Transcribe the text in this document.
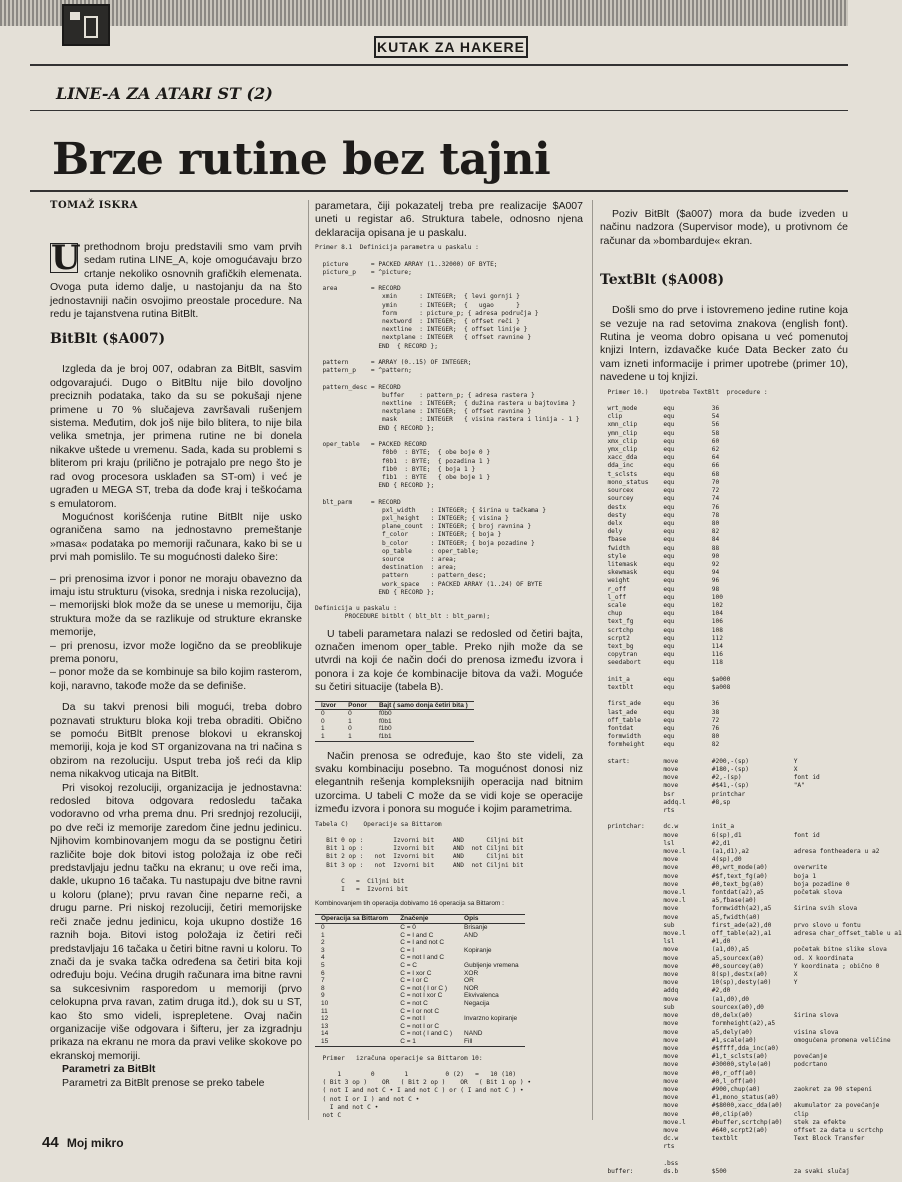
KUTAK ZA HAKERE
LINE-A ZA ATARI ST (2)
Brze rutine bez tajni

TOMAŽ ISKRA

U prethodnom broju predstavili smo vam prvih sedam rutina LINE_A, koje omogućavaju brzo crtanje nekoliko osnovnih grafičkih elemenata. Ovoga puta idemo dalje, u nastojanju da na što jednostavniji način osvojimo preostale procedure. Na redu je tajanstvena rutina BitBlt.

BitBlt ($A007)

Izgleda da je broj 007, odabran za BitBlt, sasvim odgovarajući. Dugo o BitBltu nije bilo dovoljno preciznih podataka, tako da su se pokušaji njene primene u 70 % slučajeva završavali rušenjem sistema. Međutim, dok još nije bilo blitera, to nije bila velika smetnja, jer primena rutine ne bi donela nikakve uštede u vremenu. Sada, kada su problemi s bliterom pri kraju (prilično je potrajalo pre nego što je rad ovog procesora usklađen sa ST-om) i već je ugrađen u MEGA ST, treba da dođe kraj i teškoćama s emulatorom.

Mogućnost korišćenja rutine BitBlt nije usko ograničena samo na jednostavno premeštanje »masa« podataka po memoriji računara, kako bi se u prvi mah pomislilo. Te su mogućnosti daleko šire:

– pri prenosima izvor i ponor ne moraju obavezno da imaju istu strukturu (visoka, srednja i niska rezolucija),

– memorijski blok može da se unese u memoriju, čija struktura može da se razlikuje od strukture ekranske memorije,

– pri prenosu, izvor može logično da se preoblikuje prema ponoru,

– ponor može da se kombinuje sa bilo kojim rasterom, koji, naravno, takođe može da se definiše.

Da su takvi prenosi bili mogući, treba dobro poznavati strukturu bloka koji treba obraditi. Obično se pomoću BitBlt prenose blokovi u ekranskoj memoriji, koja je kod ST organizovana na tri načina s obzirom na rezoluciju. Usput treba još reći da klip nema nikakvog uticaja na BitBlt.

Pri visokoj rezoluciji, organizacija je jednostavna: redosled bitova odgovara redosledu tačaka vodoravno od vrha prema dnu. Pri srednjoj rezoluciji, po dve reči iz memorije zaredom čine jednu jedinicu. Njihovim kombinovanjem mogu da se postignu četiri različite boje dok bitovi istog položaja iz obe reči predstavljaju jednu tačku na ekranu; u ove reči ima, dakle, ukupno 16 tačaka. Tu nastupaju dve bitne ravni u koloru (plane); prvu ravan čine neparne reči, a drugu parne. Pri niskoj rezoluciji, četiri memorijske reči znače jednu jedinicu, koja ukupno dostiže 16 raznih boja. Bitovi istog položaja iz četiri reči predstavljaju 16 tačaka u četiri bitne ravni u koloru. To znači da je svaka tačka određena sa četiri bita koji određuju boju. Većina drugih računara ima bitne ravni sa sukcesivnim rasporedom u memoriji (prvo celokupna prva ravan, zatim druga itd.), dok su u ST, kao što smo videli, isprepletene. Ovaj način organizacije više odgovara i šifteru, jer za izgradnju prikaza na ekranu ne mora da pravi velike skokove po ekranskoj memoriji.

Parametri za BitBlt

Parametri za BitBlt prenose se preko tabele

parametara, čiji pokazatelj treba pre realizacije $A007 uneti u registar a6. Struktura tabele, odnosno njena deklaracija opisana je u paskalu.

Primer 8.1  Definicija parametra u paskalu :

picture      = PACKED ARRAY (1..32000) OF BYTE;
picture_p    = ^picture;

area         = RECORD
xmin      : INTEGER;  { levi gornji }
ymin      : INTEGER;  {   ugao      }
form      : picture_p; { adresa područja }
nextword  : INTEGER;  { offset reči }
nextline  : INTEGER;  { offset linije }
nextplane : INTEGER   { offset ravnine }
END  { RECORD };

pattern      = ARRAY (0..15) OF INTEGER;
pattern_p    = ^pattern;

pattern_desc = RECORD
buffer    : pattern_p; { adresa rastera }
nextline  : INTEGER;  { dužina rastera u bajtovima }
nextplane : INTEGER;  { offset ravnine }
mask      : INTEGER   { visina rastera i linija - 1 }
END { RECORD };

oper_table   = PACKED RECORD
f0b0  : BYTE;  { obe boje 0 }
f0b1  : BYTE;  { pozadina 1 }
f1b0  : BYTE;  { boja 1 }
f1b1  : BYTE   { obe boje 1 }
END { RECORD };

blt_parm     = RECORD
pxl_width    : INTEGER; { širina u tačkama }
pxl_height   : INTEGER; { visina }
plane_count  : INTEGER; { broj ravnina }
f_color      : INTEGER; { boja }
b_color      : INTEGER; { boja pozadine }
op_table     : oper_table;
source       : area;
destination  : area;
pattern      : pattern_desc;
work_space   : PACKED ARRAY (1..24) OF BYTE
END { RECORD };

Definicija u paskalu :
PROCEDURE bitblt ( blt_blt : blt_parm);

U tabeli parametara nalazi se redosled od četiri bajta, označen imenom oper_table. Preko njih može da se utvrdi na koji će način doći do prenosa između izvora i ponora i za koje će kombinacije bitova da važi. Moguće su četiri situacije (tabela B).

Izvor	Ponor	Bajt ( samo donja četiri bita )
0	0	f0b0
0	1	f0b1
1	0	f1b0
1	1	f1b1

Način prenosa se određuje, kao što ste videli, za svaku kombinaciju posebno. Ta mogućnost donosi niz elegantnih rešenja kompleksnijih operacija nad bitnim uzorcima. U tabeli C može da se vidi koje se operacije između izvora i ponora su moguće i kojim parametrima.

Tabela C)    Operacije sa Bittarom

Bit 0 op :        Izvorni bit     AND      Ciljni bit
Bit 1 op :        Izvorni bit     AND  not Ciljni bit
Bit 2 op :   not  Izvorni bit     AND      Ciljni bit
Bit 3 op :   not  Izvorni bit     AND  not Ciljni bit

C   =  Ciljni bit
I   =  Izvorni bit

Kombinovanjem tih operacija dobivamo 16 operacija sa Bittarom :

Operacija sa Bittarom	Značenje	Opis
0	C = 0	Brisanje
1	C = I and C	AND
2	C = I and not C	
3	C = I	Kopiranje
4	C = not I and C	
5	C = C	Gubljenje vremena
6	C = I xor C	XOR
7	C = I or C	OR
8	C = not ( I or C )	NOR
9	C = not I xor C	Ekvivalenca
10	C = not C	Negacija
11	C = I or not C	
12	C = not I	Invarzno kopiranje
13	C = not I or C	
14	C = not ( I and C )	NAND
15	C = 1	Fill

Primer   izračuna operacije sa Bittarom 10:

1        0        1          0 (2)   =   10 (10)
( Bit 3 op )    OR   ( Bit 2 op )    OR   ( Bit 1 op ) •
( not I and not C • I and not C ) or ( I and not C ) •
( not I or I ) and not C •
I and not C •
not C

Poziv BitBlt ($a007) mora da bude izveden u načinu nadzora (Supervisor mode), u protivnom će računar da »bombarduje« ekran.

TextBlt ($A008)

Došli smo do prve i istovremeno jedine rutine koja se vezuje na rad setovima znakova (english font). Rutina je veoma dobro opisana u već pomenutoj knjizi Intern, izdavačke kuće Data Becker zato ću vam izneti informacije i primer upotrebe (primer 10), navedene u toj knjizi.

Primer 10.)   Upotreba TextBlt  procedure :

wrt_mode       equ          36
clip           equ          54
xmn_clip       equ          56
ymn_clip       equ          58
xmx_clip       equ          60
ymx_clip       equ          62
xacc_dda       equ          64
dda_inc        equ          66
t_sclsts       equ          68
mono_status    equ          70
sourcex        equ          72
sourcey        equ          74
destx          equ          76
desty          equ          78
delx           equ          80
dely           equ          82
fbase          equ          84
fwidth         equ          88
style          equ          90
litemask       equ          92
skewmask       equ          94
weight         equ          96
r_off          equ          98
l_off          equ          100
scale          equ          102
chup           equ          104
text_fg        equ          106
scrtchp        equ          108
scrpt2         equ          112
text_bg        equ          114
copytran       equ          116
seedabort      equ          118

init_a         equ          $a000
textblt        equ          $a008

first_ade      equ          36
last_ade       equ          38
off_table      equ          72
fontdat        equ          76
formwidth      equ          80
formheight     equ          82

start:         move         #200,-(sp)            Y
move         #180,-(sp)            X
move         #2,-(sp)              font id
move         #$41,-(sp)            "A"
bsr          printchar
addq.l       #8,sp
rts

printchar:     dc.w         init_a
move         6(sp),d1              font id
lsl          #2,d1
move.l       (a1,d1),a2            adresa fontheadera u a2
move         4(sp),d0
move         #0,wrt_mode(a0)       overwrite
move         #$f,text_fg(a0)       boja 1
move         #0,text_bg(a0)        boja pozadine 0
move.l       fontdat(a2),a5        početak slova
move.l       a5,fbase(a0)
move         formwidth(a2),a5      širina svih slova
move         a5,fwidth(a0)
sub          first_ade(a2),d0      prvo slovo u fontu
move.l       off_table(a2),a1      adresa char_offset_table u a1
lsl          #1,d0
move         (a1,d0),a5            početak bitne slike slova
move         a5,sourcex(a0)        od. X koordinata
move         #0,sourcey(a0)        Y koordinata ; obično 0
move         8(sp),destx(a0)       X
move         10(sp),desty(a0)      Y
addq         #2,d0
move         (a1,d0),d0
sub          sourcex(a0),d0
move         d0,delx(a0)           širina slova
move         formheight(a2),a5
move         a5,dely(a0)           visina slova
move         #1,scale(a0)          omogućena promena veličine
move         #$ffff,dda_inc(a0)
move         #1,t_sclsts(a0)       povećanje
move         #30000,style(a0)      podcrtano
move         #0,r_off(a0)
move         #0,l_off(a0)
move         #900,chup(a0)         zaokret za 90 stepeni
move         #1,mono_status(a0)
move         #$8000,xacc_dda(a0)   akumulator za povećanje
move         #0,clip(a0)           clip
move.l       #buffer,scrtchp(a0)   stek za efekte
move         #640,scrpt2(a0)       offset za data u scrtchp
dc.w         textblt               Text Block Transfer
rts

.bss
buffer:        ds.b         $500                  za svaki slučaj

44 Moj mikro
